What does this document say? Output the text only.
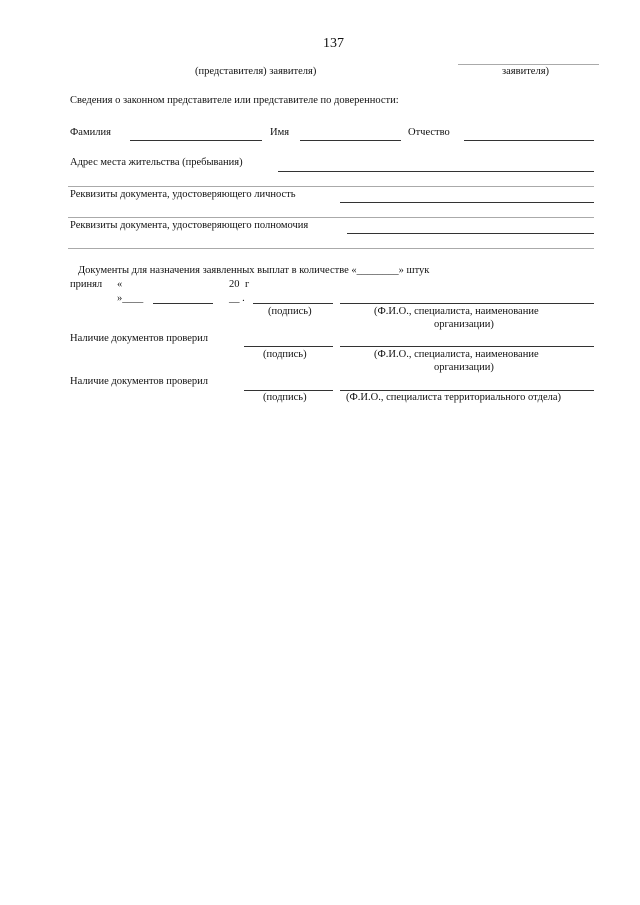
137
(представителя) заявителя)	заявителя)
Сведения о законном представителе или представителе по доверенности:
Фамилия	Имя	Отчество
Адрес места жительства (пребывания)
Реквизиты документа, удостоверяющего личность
Реквизиты документа, удостоверяющего полномочия
Документы для назначения заявленных выплат в количестве «________» штук
принял «	20 г
»____	__ .
(подпись)	(Ф.И.О., специалиста, наименование
организации)
Наличие документов проверил
(подпись)	(Ф.И.О., специалиста, наименование
организации)
Наличие документов проверил
(подпись)	(Ф.И.О., специалиста территориального отдела)
